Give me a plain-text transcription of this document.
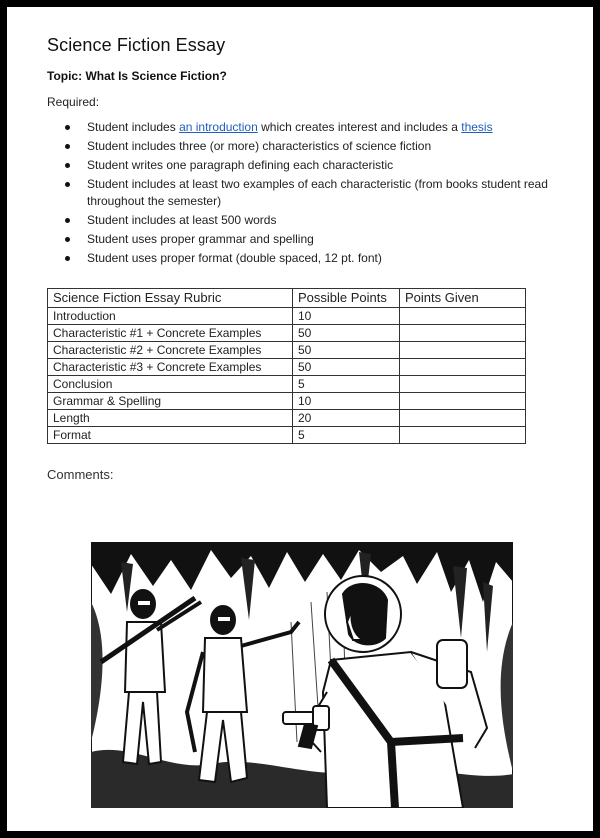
Science Fiction Essay
Topic: What Is Science Fiction?
Required:
Student includes an introduction which creates interest and includes a thesis
Student includes three (or more) characteristics of science fiction
Student writes one paragraph defining each characteristic
Student includes at least two examples of each characteristic (from books student read throughout the semester)
Student includes at least 500 words
Student uses proper grammar and spelling
Student uses proper format (double spaced, 12 pt. font)
Science Fiction Essay Rubric	Possible Points	Points Given
Introduction	10	
Characteristic #1 + Concrete Examples	50	
Characteristic #2 + Concrete Examples	50	
Characteristic #3 + Concrete Examples	50	
Conclusion	5	
Grammar & Spelling	10	
Length	20	
Format	5	
Comments:
